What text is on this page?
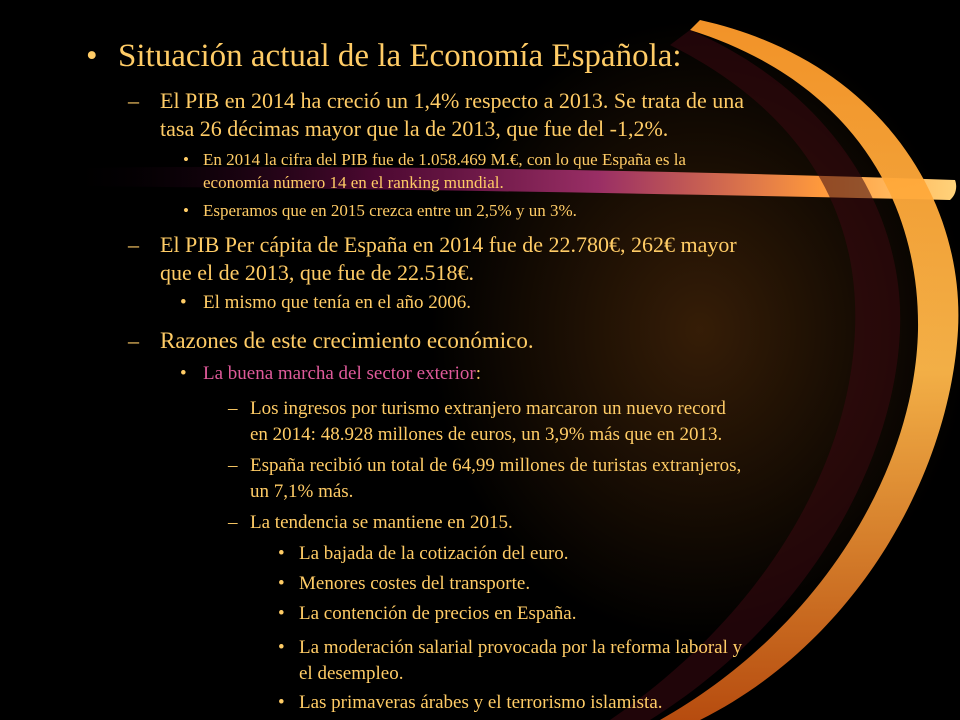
• Situación actual de la Economía Española:
– El PIB en 2014 ha creció un 1,4% respecto a 2013. Se trata de una
tasa 26 décimas mayor que la de 2013, que fue del -1,2%.
• En 2014 la cifra del PIB fue de 1.058.469 M.€, con lo que España es la
economía número 14 en el ranking mundial.
• Esperamos que en 2015 crezca entre un 2,5% y un 3%.
– El PIB Per cápita de España en 2014 fue de 22.780€, 262€ mayor
que el de 2013, que fue de 22.518€.
• El mismo que tenía en el año 2006.
– Razones de este crecimiento económico.
• La buena marcha del sector exterior:
– Los ingresos por turismo extranjero marcaron un nuevo record
en 2014: 48.928 millones de euros, un 3,9% más que en 2013.
– España recibió un total de 64,99 millones de turistas extranjeros,
un 7,1% más.
– La tendencia se mantiene en 2015.
• La bajada de la cotización del euro.
• Menores costes del transporte.
• La contención de precios en España.
• La moderación salarial provocada por la reforma laboral y
el desempleo.
• Las primaveras árabes y el terrorismo islamista.
